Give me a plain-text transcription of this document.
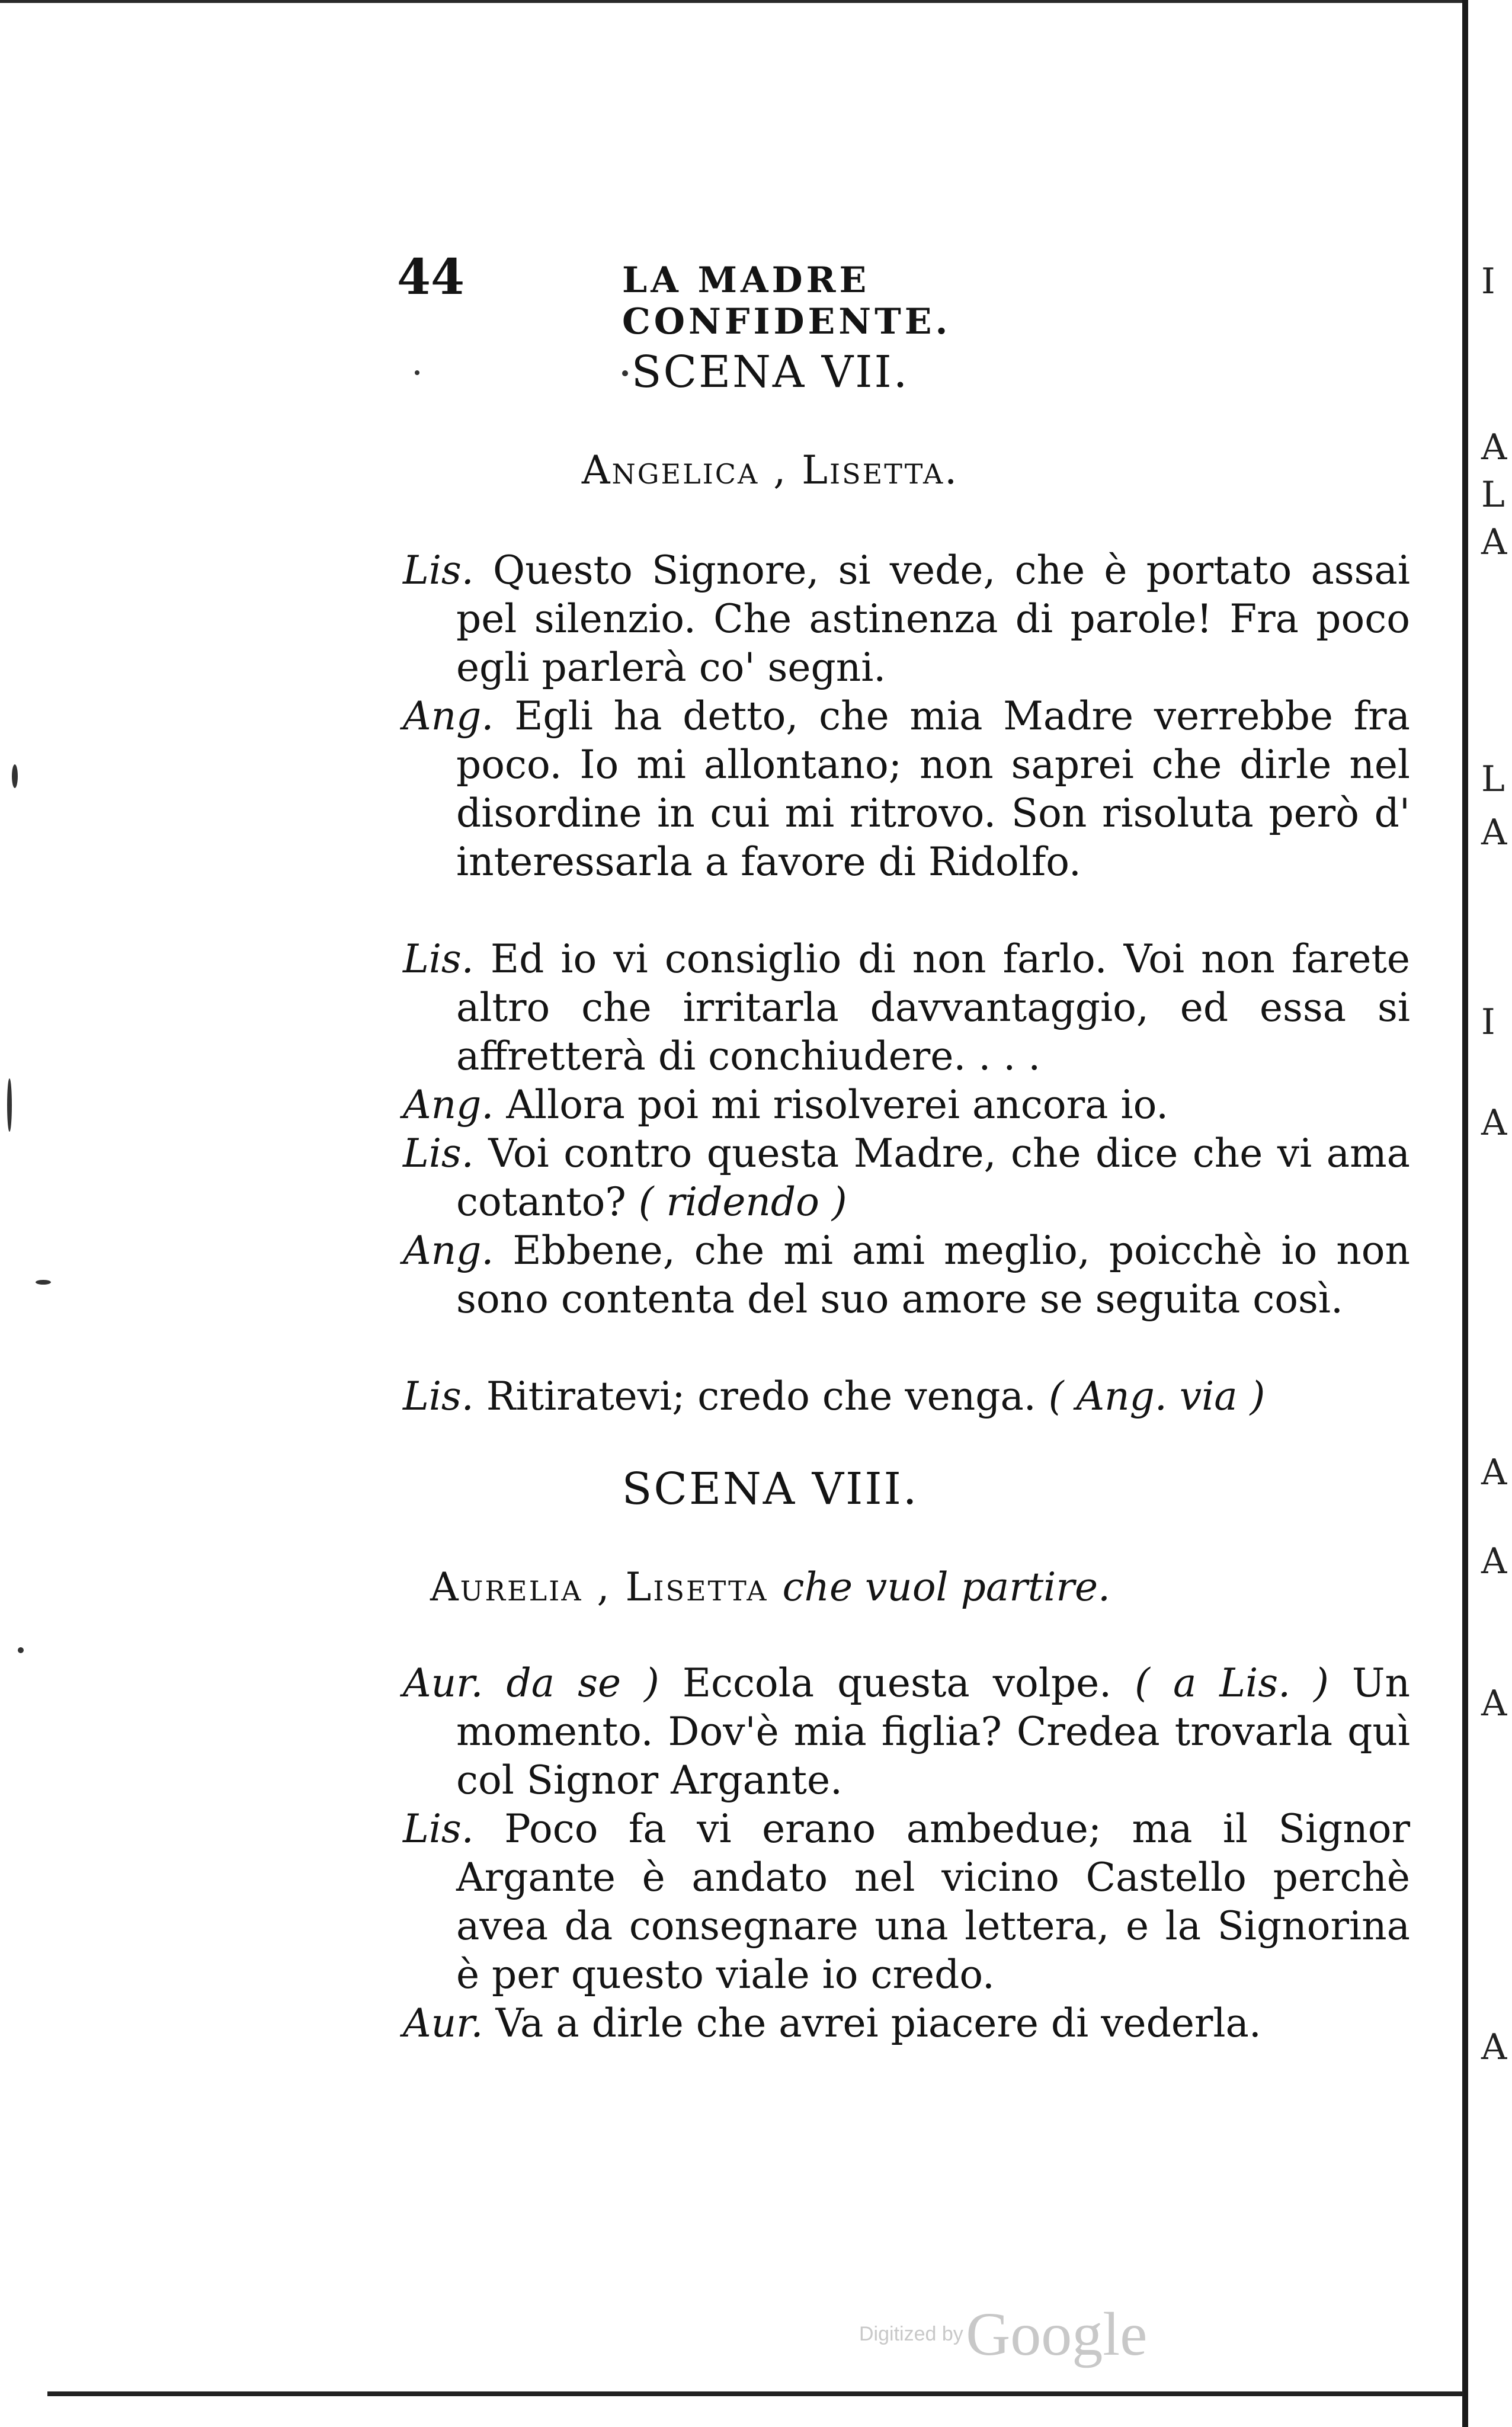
I
A
L
A
L
A
I
A
A
A
A
A
44	LA MADRE CONFIDENTE.
SCENA VII.
Angelica , Lisetta.
Lis. Questo Signore, si vede, che è portato assai pel silenzio. Che astinenza di parole! Fra poco egli parlerà co' segni.
Ang. Egli ha detto, che mia Madre verrebbe fra poco. Io mi allontano; non saprei che dirle nel disordine in cui mi ritrovo. Son risoluta però d' interessarla a favore di Ridolfo.
Lis. Ed io vi consiglio di non farlo. Voi non farete altro che irritarla davvantaggio, ed essa si affretterà di conchiudere. . . .
Ang. Allora poi mi risolverei ancora io.
Lis. Voi contro questa Madre, che dice che vi ama cotanto? ( ridendo )
Ang. Ebbene, che mi ami meglio, poicchè io non sono contenta del suo amore se seguita così.
Lis. Ritiratevi; credo che venga. ( Ang. via )
SCENA VIII.
Aurelia , Lisetta che vuol partire.
Aur. da se ) Eccola questa volpe. ( a Lis. ) Un momento. Dov'è mia figlia? Credea trovarla quì col Signor Argante.
Lis. Poco fa vi erano ambedue; ma il Signor Argante è andato nel vicino Castello perchè avea da consegnare una lettera, e la Signorina è per questo viale io credo.
Aur. Va a dirle che avrei piacere di vederla.
Digitized by Google
